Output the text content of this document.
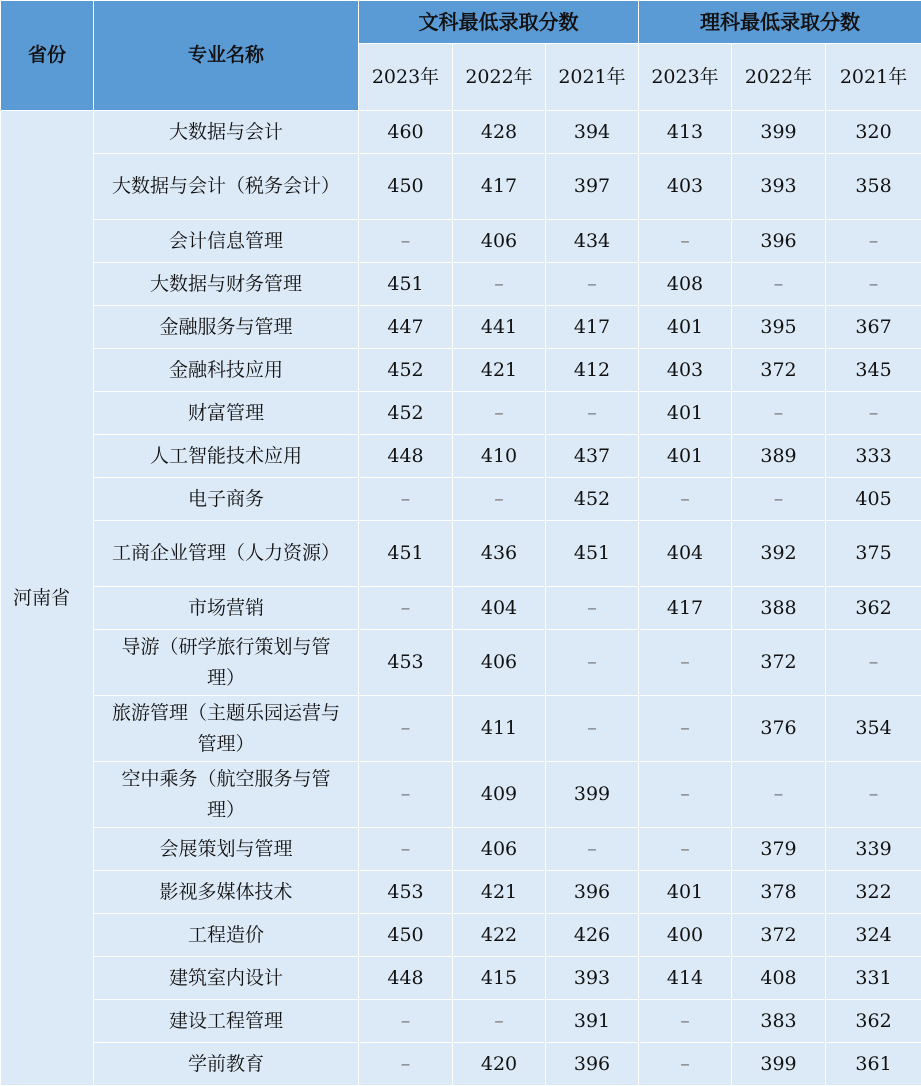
省份	专业名称	文科最低录取分数			理科最低录取分数		
		2023年	2022年	2021年	2023年	2022年	2021年
河南省	大数据与会计	460	428	394	413	399	320
	大数据与会计（税务会计）	450	417	397	403	393	358
	会计信息管理	–	406	434	–	396	–
	大数据与财务管理	451	–	–	408	–	–
	金融服务与管理	447	441	417	401	395	367
	金融科技应用	452	421	412	403	372	345
	财富管理	452	–	–	401	–	–
	人工智能技术应用	448	410	437	401	389	333
	电子商务	–	–	452	–	–	405
	工商企业管理（人力资源）	451	436	451	404	392	375
	市场营销	–	404	–	417	388	362
	导游（研学旅行策划与管理）	453	406	–	–	372	–
	旅游管理（主题乐园运营与管理）	–	411	–	–	376	354
	空中乘务（航空服务与管理）	–	409	399	–	–	–
	会展策划与管理	–	406	–	–	379	339
	影视多媒体技术	453	421	396	401	378	322
	工程造价	450	422	426	400	372	324
	建筑室内设计	448	415	393	414	408	331
	建设工程管理	–	–	391	–	383	362
	学前教育	–	420	396	–	399	361
